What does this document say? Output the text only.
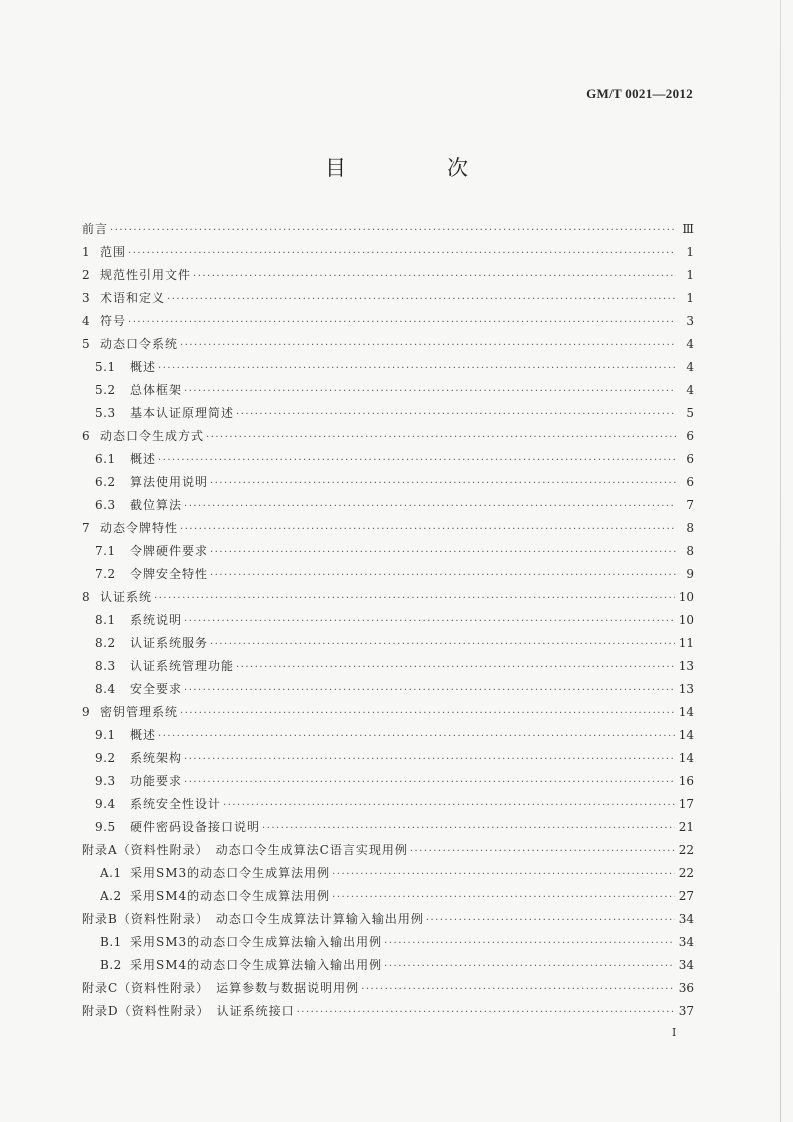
GM/T 0021—2012
目　次
前言 ·····	Ⅲ
1 范围 ·····	1
2 规范性引用文件 ·····	1
3 术语和定义 ·····	1
4 符号 ·····	3
5 动态口令系统 ·····	4
5.1	概述 ·····	4
5.2	总体框架 ·····	4
5.3	基本认证原理简述 ·····	5
6 动态口令生成方式 ·····	6
6.1	概述 ·····	6
6.2	算法使用说明 ·····	6
6.3	截位算法 ·····	7
7 动态令牌特性 ·····	8
7.1	令牌硬件要求 ·····	8
7.2	令牌安全特性 ·····	9
8 认证系统 ·····	10
8.1	系统说明 ·····	10
8.2	认证系统服务 ·····	11
8.3	认证系统管理功能 ·····	13
8.4	安全要求 ·····	13
9 密钥管理系统 ·····	14
9.1	概述 ·····	14
9.2	系统架构 ·····	14
9.3	功能要求 ·····	16
9.4	系统安全性设计 ·····	17
9.5	硬件密码设备接口说明 ·····	21
附录A（资料性附录）　动态口令生成算法C语言实现用例 ·····	22
A.1 采用SM3的动态口令生成算法用例 ·····	22
A.2 采用SM4的动态口令生成算法用例 ·····	27
附录B（资料性附录）　动态口令生成算法计算输入输出用例 ·····	34
B.1 采用SM3的动态口令生成算法输入输出用例 ·····	34
B.2 采用SM4的动态口令生成算法输入输出用例 ·····	34
附录C（资料性附录）　运算参数与数据说明用例 ·····	36
附录D（资料性附录）　认证系统接口 ·····	37
I
